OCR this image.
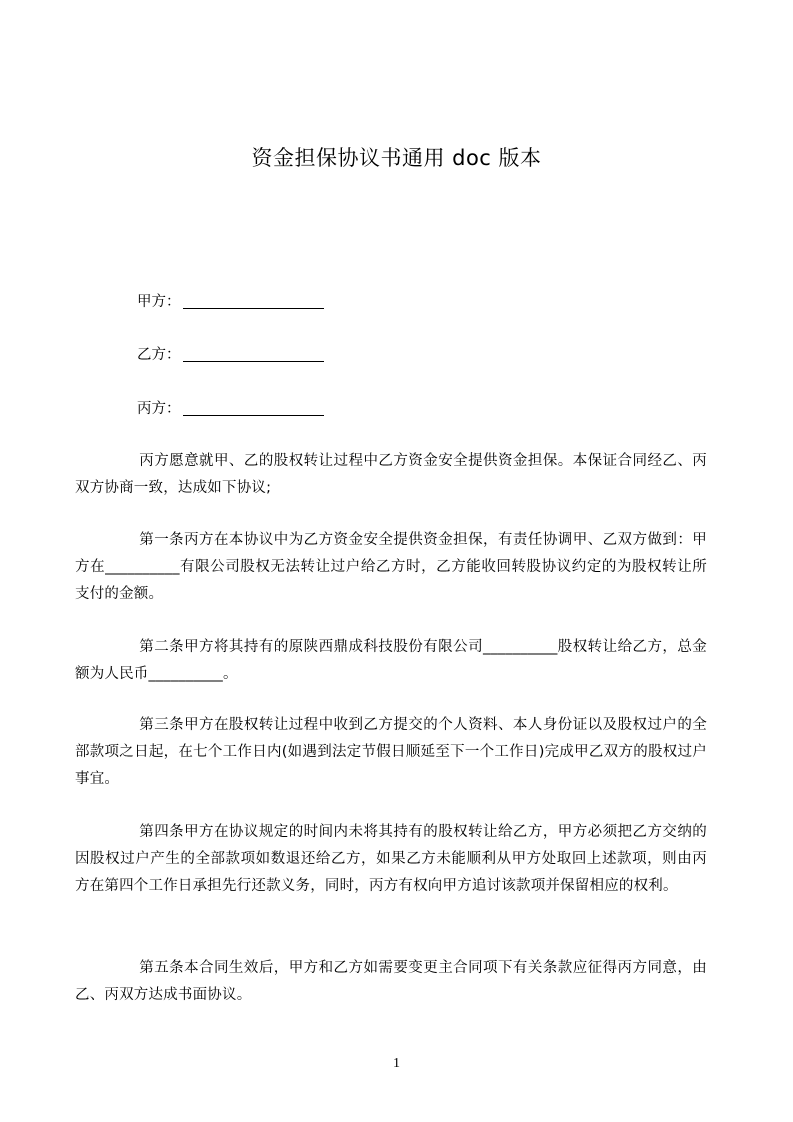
资金担保协议书通用 doc 版本
甲方：
乙方：
丙方：
丙方愿意就甲、乙的股权转让过程中乙方资金安全提供资金担保。本保证合同经乙、丙双方协商一致，达成如下协议;
第一条丙方在本协议中为乙方资金安全提供资金担保，有责任协调甲、乙双方做到：甲方在__________有限公司股权无法转让过户给乙方时，乙方能收回转股协议约定的为股权转让所支付的金额。
第二条甲方将其持有的原陕西鼎成科技股份有限公司__________股权转让给乙方，总金额为人民币__________。
第三条甲方在股权转让过程中收到乙方提交的个人资料、本人身份证以及股权过户的全部款项之日起，在七个工作日内(如遇到法定节假日顺延至下一个工作日)完成甲乙双方的股权过户事宜。
第四条甲方在协议规定的时间内未将其持有的股权转让给乙方，甲方必须把乙方交纳的因股权过户产生的全部款项如数退还给乙方，如果乙方未能顺利从甲方处取回上述款项，则由丙方在第四个工作日承担先行还款义务，同时，丙方有权向甲方追讨该款项并保留相应的权利。
第五条本合同生效后，甲方和乙方如需要变更主合同项下有关条款应征得丙方同意，由乙、丙双方达成书面协议。
1
